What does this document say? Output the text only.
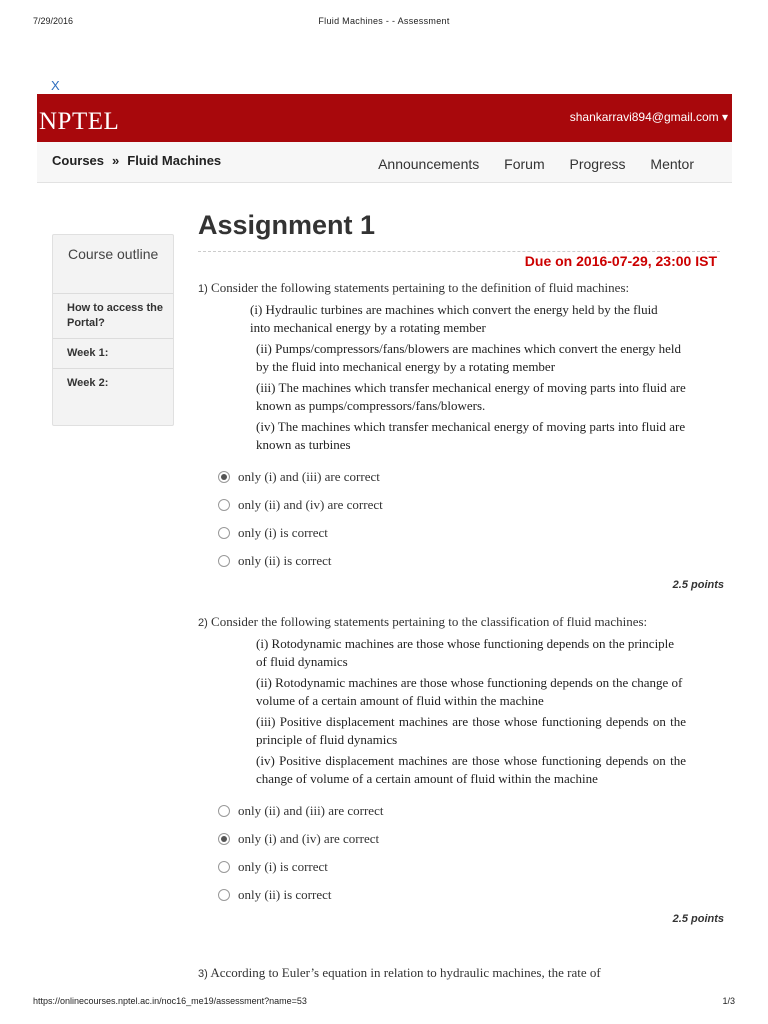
7/29/2016	Fluid Machines - - Assessment
X
NPTEL	shankarravi894@gmail.com ▾
Courses » Fluid Machines	Announcements Forum Progress Mentor
Course outline
How to access the Portal?
Week 1:
Week 2:
Assignment 1
Due on 2016-07-29, 23:00 IST
1) Consider the following statements pertaining to the definition of fluid machines:
(i) Hydraulic turbines are machines which convert the energy held by the fluid into mechanical energy by a rotating member
(ii) Pumps/compressors/fans/blowers are machines which convert the energy held by the fluid into mechanical energy by a rotating member
(iii) The machines which transfer mechanical energy of moving parts into fluid are known as pumps/compressors/fans/blowers.
(iv) The machines which transfer mechanical energy of moving parts into fluid are known as turbines
only (i) and (iii) are correct
only (ii) and (iv) are correct
only (i) is correct
only (ii) is correct
2.5 points
2) Consider the following statements pertaining to the classification of fluid machines:
(i) Rotodynamic machines are those whose functioning depends on the principle of fluid dynamics
(ii) Rotodynamic machines are those whose functioning depends on the change of volume of a certain amount of fluid within the machine
(iii) Positive displacement machines are those whose functioning depends on the principle of fluid dynamics
(iv) Positive displacement machines are those whose functioning depends on the change of volume of a certain amount of fluid within the machine
only (ii) and (iii) are correct
only (i) and (iv) are correct
only (i) is correct
only (ii) is correct
2.5 points
3) According to Euler’s equation in relation to hydraulic machines, the rate of
https://onlinecourses.nptel.ac.in/noc16_me19/assessment?name=53	1/3
